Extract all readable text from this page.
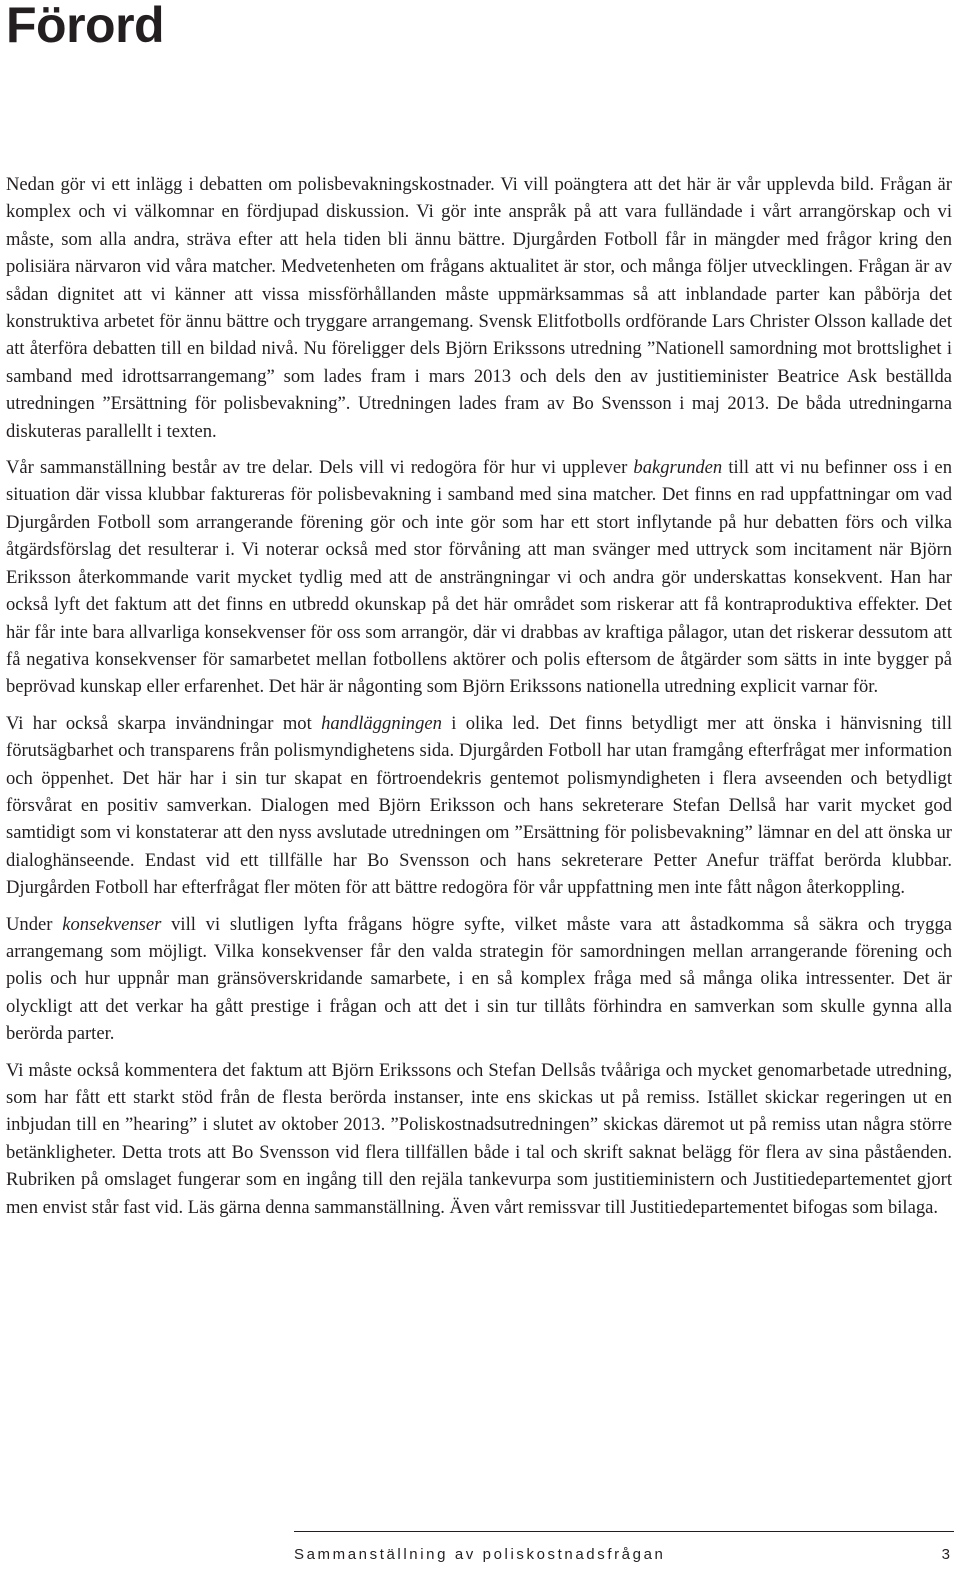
Förord

Nedan gör vi ett inlägg i debatten om polisbevakningskostnader. Vi vill poängtera att det här är vår upplevda bild. Frågan är komplex och vi välkomnar en fördjupad diskussion. Vi gör inte anspråk på att vara fulländade i vårt arrangörskap och vi måste, som alla andra, sträva efter att hela tiden bli ännu bättre. Djurgården Fotboll får in mängder med frågor kring den polisiära närvaron vid våra matcher. Medvetenheten om frågans aktualitet är stor, och många följer utvecklingen. Frågan är av sådan dignitet att vi känner att vissa missförhållanden måste uppmärksammas så att inblandade parter kan påbörja det konstruktiva arbetet för ännu bättre och tryggare arrangemang. Svensk Elitfotbolls ordförande Lars Christer Olsson kallade det att återföra debatten till en bildad nivå. Nu föreligger dels Björn Erikssons utredning ”Nationell samordning mot brottslighet i samband med idrottsarrangemang” som lades fram i mars 2013 och dels den av justitieminister Beatrice Ask beställda utredningen ”Ersättning för polisbevakning”. Utredningen lades fram av Bo Svensson i maj 2013. De båda utredningarna diskuteras parallellt i texten.

Vår sammanställning består av tre delar. Dels vill vi redogöra för hur vi upplever bakgrunden till att vi nu befinner oss i en situation där vissa klubbar faktureras för polisbevakning i samband med sina matcher. Det finns en rad uppfattningar om vad Djurgården Fotboll som arrangerande förening gör och inte gör som har ett stort inflytande på hur debatten förs och vilka åtgärdsförslag det resulterar i. Vi noterar också med stor förvåning att man svänger med uttryck som incitament när Björn Eriksson återkommande varit mycket tydlig med att de ansträngningar vi och andra gör underskattas konsekvent. Han har också lyft det faktum att det finns en utbredd okunskap på det här området som riskerar att få kontraproduktiva effekter. Det här får inte bara allvarliga konsekvenser för oss som arrangör, där vi drabbas av kraftiga pålagor, utan det riskerar dessutom att få negativa konsekvenser för samarbetet mellan fotbollens aktörer och polis eftersom de åtgärder som sätts in inte bygger på beprövad kunskap eller erfarenhet. Det här är någonting som Björn Erikssons nationella utredning explicit varnar för.

Vi har också skarpa invändningar mot handläggningen i olika led. Det finns betydligt mer att önska i hänvisning till förutsägbarhet och transparens från polismyndighetens sida. Djurgården Fotboll har utan framgång efterfrågat mer information och öppenhet. Det här har i sin tur skapat en förtroendekris gentemot polismyndigheten i flera avseenden och betydligt försvårat en positiv samverkan. Dialogen med Björn Eriksson och hans sekreterare Stefan Dellså har varit mycket god samtidigt som vi konstaterar att den nyss avslutade utredningen om ”Ersättning för polisbevakning” lämnar en del att önska ur dialoghänseende. Endast vid ett tillfälle har Bo Svensson och hans sekreterare Petter Anefur träffat berörda klubbar. Djurgården Fotboll har efterfrågat fler möten för att bättre redogöra för vår uppfattning men inte fått någon återkoppling.

Under konsekvenser vill vi slutligen lyfta frågans högre syfte, vilket måste vara att åstadkomma så säkra och trygga arrangemang som möjligt. Vilka konsekvenser får den valda strategin för samordningen mellan arrangerande förening och polis och hur uppnår man gränsöverskridande samarbete, i en så komplex fråga med så många olika intressenter. Det är olyckligt att det verkar ha gått prestige i frågan och att det i sin tur tillåts förhindra en samverkan som skulle gynna alla berörda parter.

Vi måste också kommentera det faktum att Björn Erikssons och Stefan Dellsås tvååriga och mycket genomarbetade utredning, som har fått ett starkt stöd från de flesta berörda instanser, inte ens skickas ut på remiss. Istället skickar regeringen ut en inbjudan till en ”hearing” i slutet av oktober 2013. ”Poliskostnadsutredningen” skickas däremot ut på remiss utan några större betänkligheter. Detta trots att Bo Svensson vid flera tillfällen både i tal och skrift saknat belägg för flera av sina påståenden. Rubriken på omslaget fungerar som en ingång till den rejäla tankevurpa som justitieministern och Justitiedepartementet gjort men envist står fast vid. Läs gärna denna sammanställning. Även vårt remissvar till Justitiedepartementet bifogas som bilaga.

Sammanställning av poliskostnadsfrågan	3
